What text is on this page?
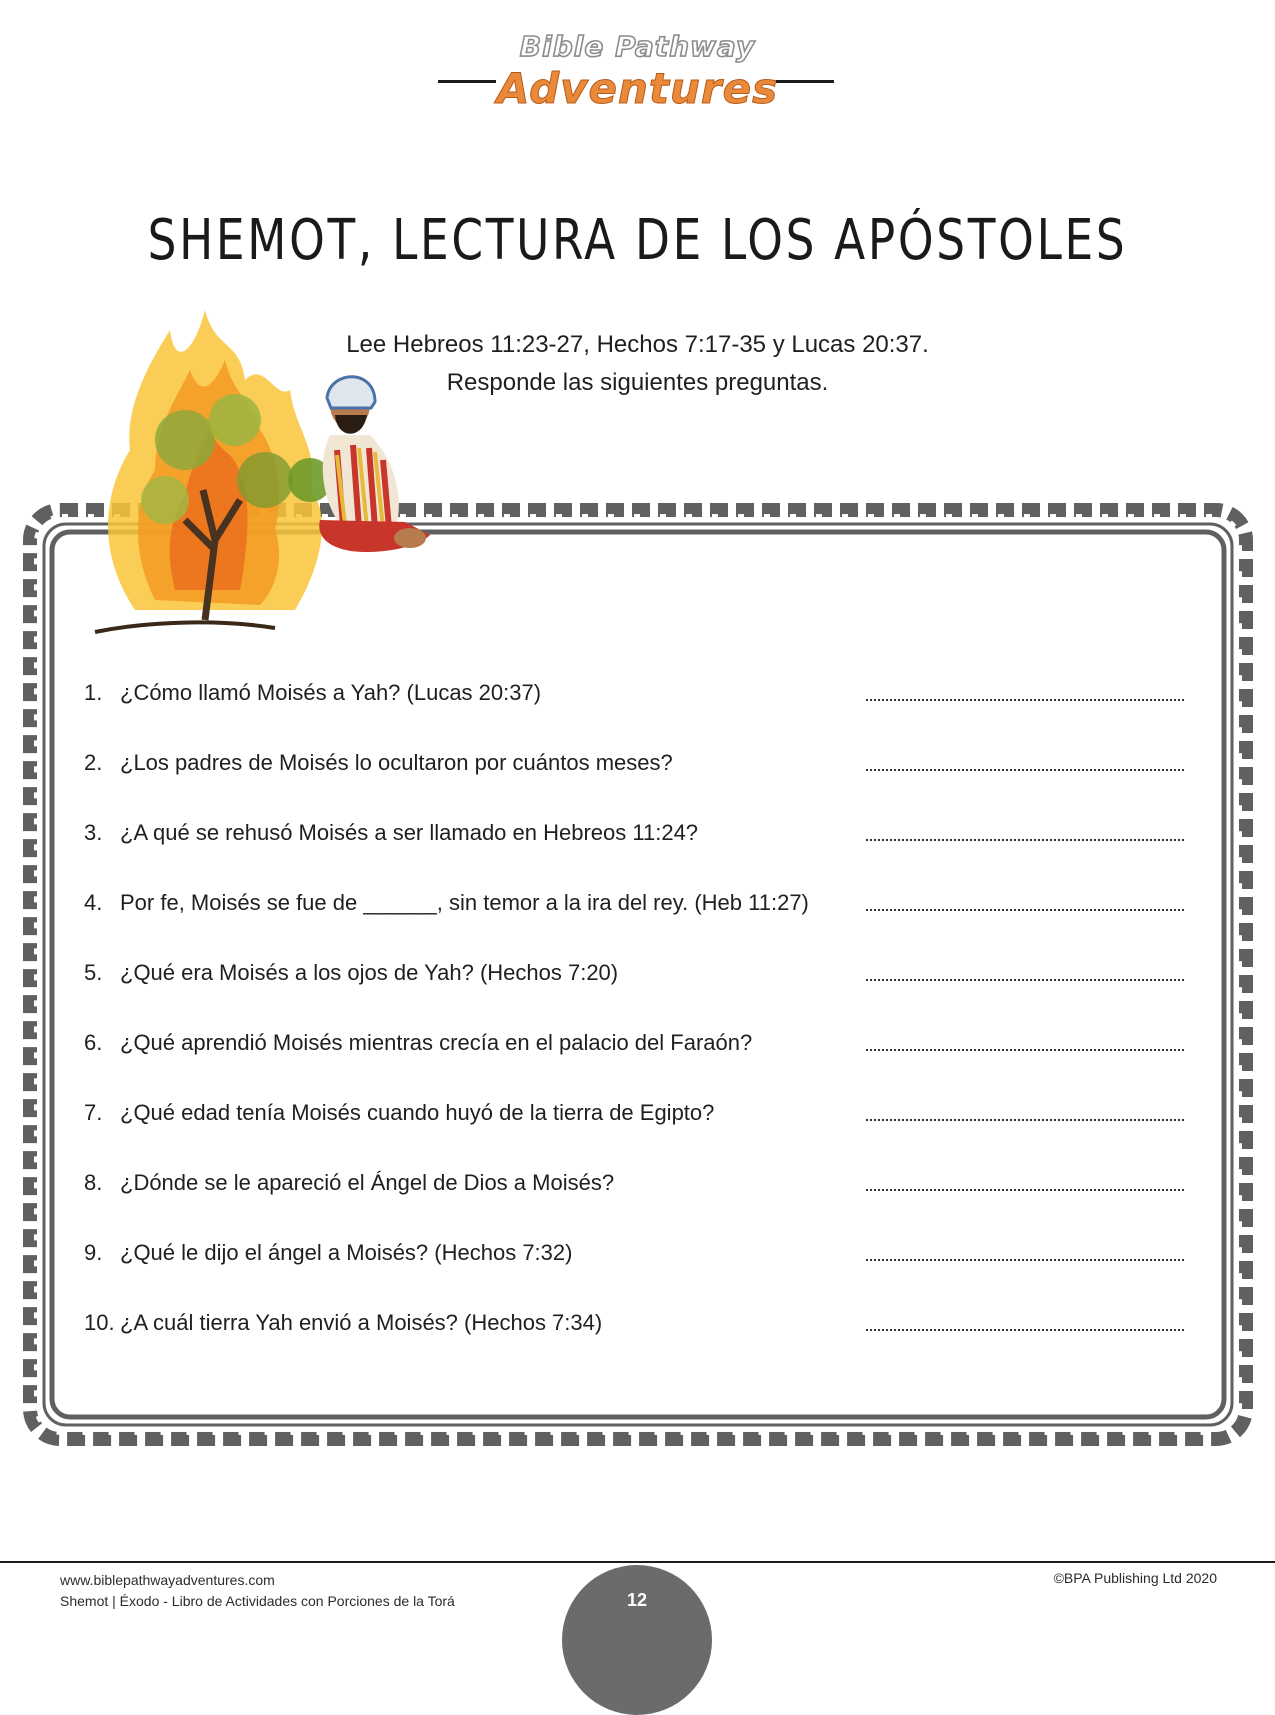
Bible Pathway
Adventures
SHEMOT, LECTURA DE LOS APÓSTOLES
Lee Hebreos 11:23-27, Hechos 7:17-35 y Lucas 20:37.
Responde las siguientes preguntas.
1. ¿Cómo llamó Moisés a Yah? (Lucas 20:37)
2. ¿Los padres de Moisés lo ocultaron por cuántos meses?
3. ¿A qué se rehusó Moisés a ser llamado en Hebreos 11:24?
4. Por fe, Moisés se fue de ______, sin temor a la ira del rey. (Heb 11:27)
5. ¿Qué era Moisés a los ojos de Yah? (Hechos 7:20)
6. ¿Qué aprendió Moisés mientras crecía en el palacio del Faraón?
7. ¿Qué edad tenía Moisés cuando huyó de la tierra de Egipto?
8. ¿Dónde se le apareció el Ángel de Dios a Moisés?
9. ¿Qué le dijo el ángel a Moisés? (Hechos 7:32)
10. ¿A cuál tierra Yah envió a Moisés? (Hechos 7:34)
12
www.biblepathwayadventures.com
Shemot | Éxodo - Libro de Actividades con Porciones de la Torá
©BPA Publishing Ltd 2020
